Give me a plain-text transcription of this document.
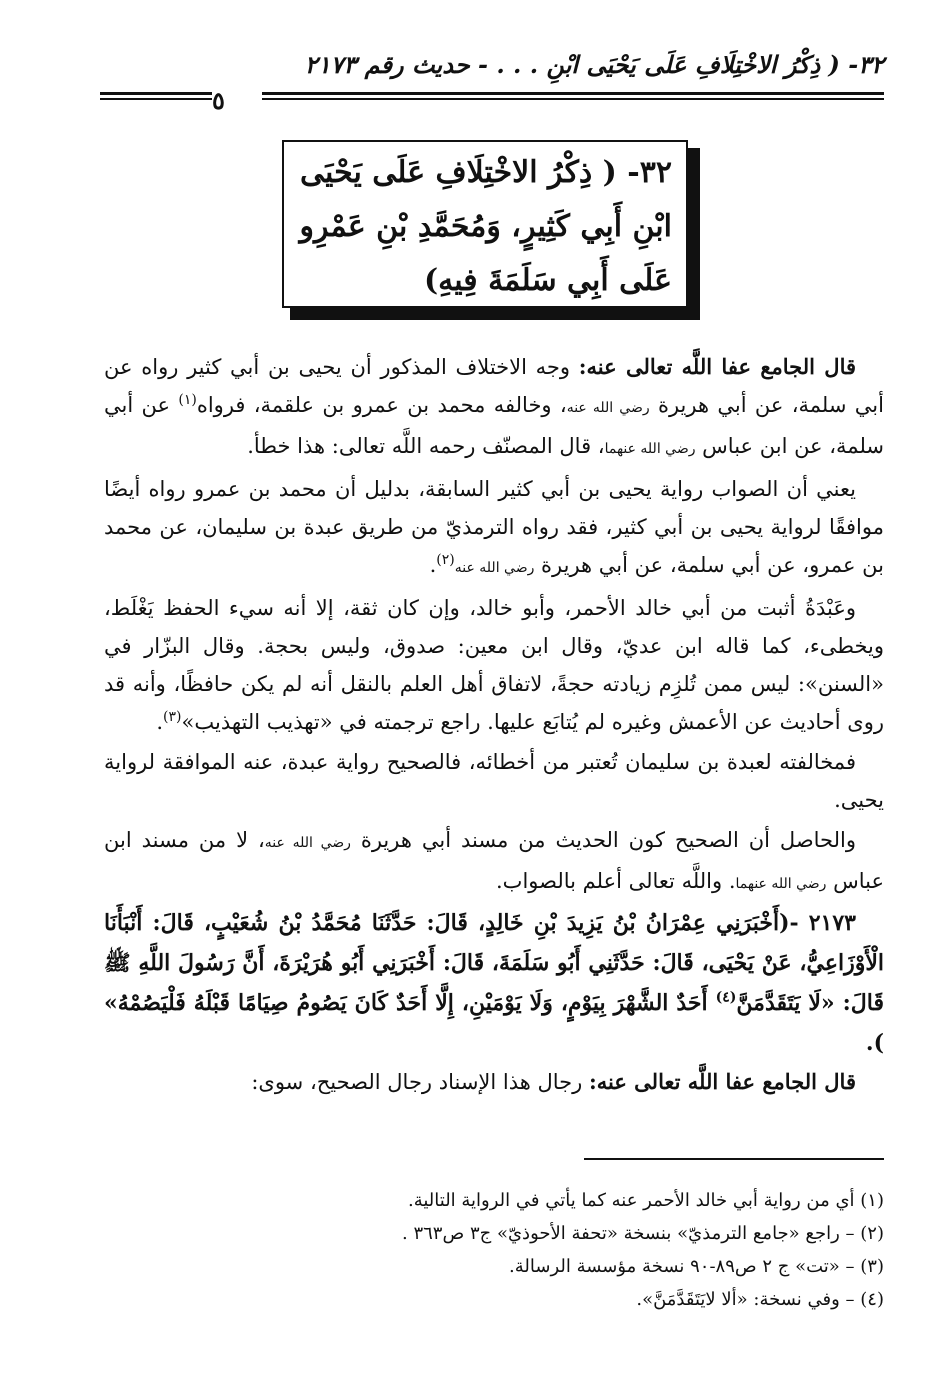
٣٢- ( ذِكْرُ الاخْتِلَافِ عَلَى يَحْيَى ابْنِ . . . - حديث رقم ٢١٧٣
٥
٣٢- ( ذِكْرُ الاخْتِلَافِ عَلَى يَحْيَى
ابْنِ أَبِي كَثِيرٍ، وَمُحَمَّدِ بْنِ عَمْرِو
عَلَى أَبِي سَلَمَةَ فِيهِ)

قال الجامع عفا اللَّه تعالى عنه: وجه الاختلاف المذكور أن يحيى بن أبي كثير رواه عن أبي سلمة، عن أبي هريرة رضي الله عنه، وخالفه محمد بن عمرو بن علقمة، فرواه$^{(١)}$ عن أبي سلمة، عن ابن عباس رضي الله عنهما، قال المصنّف رحمه اللَّه تعالى: هذا خطأ.

يعني أن الصواب رواية يحيى بن أبي كثير السابقة، بدليل أن محمد بن عمرو رواه أيضًا موافقًا لرواية يحيى بن أبي كثير، فقد رواه الترمذيّ من طريق عبدة بن سليمان، عن محمد بن عمرو، عن أبي سلمة، عن أبي هريرة رضي الله عنه$^{(٢)}$.

وعَبْدَةُ أثبت من أبي خالد الأحمر، وأبو خالد، وإن كان ثقة، إلا أنه سيء الحفظ يَغْلَط، ويخطىء، كما قاله ابن عديّ، وقال ابن معين: صدوق، وليس بحجة. وقال البزّار في «السنن»: ليس ممن تُلزِم زيادته حجةً، لاتفاق أهل العلم بالنقل أنه لم يكن حافظًا، وأنه قد روى أحاديث عن الأعمش وغيره لم يُتابَع عليها. راجع ترجمته في «تهذيب التهذيب»$^{(٣)}$.

فمخالفته لعبدة بن سليمان تُعتبر من أخطائه، فالصحيح رواية عبدة، عنه الموافقة لرواية يحيى.

والحاصل أن الصحيح كون الحديث من مسند أبي هريرة رضي الله عنه، لا من مسند ابن عباس رضي الله عنهما. واللَّه تعالى أعلم بالصواب.

٢١٧٣ -(أَخْبَرَنِي عِمْرَانُ بْنُ يَزِيدَ بْنِ خَالِدٍ، قَالَ: حَدَّثَنَا مُحَمَّدُ بْنُ شُعَيْبٍ، قَالَ: أَنْبَأَنَا الْأَوْزَاعِيُّ، عَنْ يَحْيَى، قَالَ: حَدَّثَنِي أَبُو سَلَمَةَ، قَالَ: أَخْبَرَنِي أَبُو هُرَيْرَةَ، أَنَّ رَسُولَ اللَّهِ ﷺ قَالَ: «لَا يَتَقَدَّمَنَّ$^{(٤)}$ أَحَدٌ الشَّهْرَ بِيَوْمٍ، وَلَا يَوْمَيْنِ، إِلَّا أَحَدٌ كَانَ يَصُومُ صِيَامًا قَبْلَهُ فَلْيَصُمْهُ» ).

قال الجامع عفا اللَّه تعالى عنه: رجال هذا الإسناد رجال الصحيح، سوى:

(١) أي من رواية أبي خالد الأحمر عنه كما يأتي في الرواية التالية.
(٢) – راجع «جامع الترمذيّ» بنسخة «تحفة الأحوذيّ» ج٣ ص٣٦٣ .
(٣) – «تت» ج ٢ ص٨٩-٩٠ نسخة مؤسسة الرسالة.
(٤) – وفي نسخة: «ألا لايَتَقَدَّمَنَّ».
